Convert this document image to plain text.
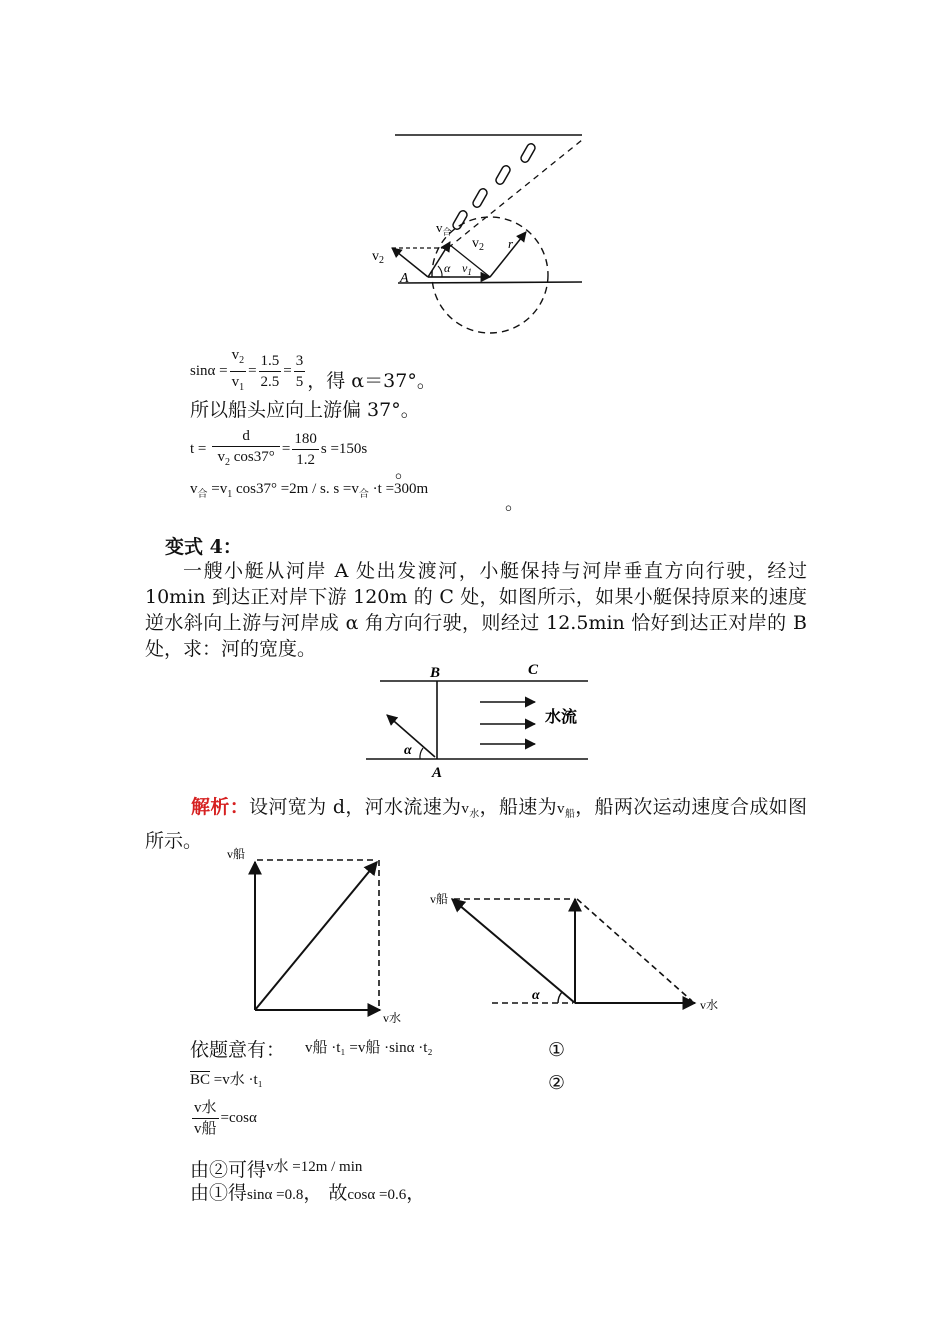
$v_2$
$v_合$
$v_2$ r
α $v_1$
A
$\sin\alpha = \frac{v_2}{v_1} = \frac{1.5}{2.5} = \frac{3}{5}$ ，得 α＝37°。
所以船头应向上游偏 37°。
$t = \frac{d}{v_2 \cos 37^\circ} = \frac{180}{1.2}$ s =150s
。
$v_合 =v_1$ cos37° =2m / s. $s =v_合 \cdot t =300m$
。
变式 4：
一艘小艇从河岸 A 处出发渡河，小艇保持与河岸垂直方向行驶，经过 10min 到达正对岸下游 120m 的 C 处，如图所示，如果小艇保持原来的速度逆水斜向上游与河岸成 α 角方向行驶，则经过 12.5min 恰好到达正对岸的 B 处，求：河的宽度。
B	C
A
α
水流
解析：设河宽为 d，河水流速为$v_水$，船速为$v_船$，船两次运动速度合成如图所示。
v船
v水
v船
v水
α
依题意有： v船 ·t₁ =v船 ·sinα ·t₂	①
$\overline{BC} =v$水 ·t₁	②
$\frac{\text{v水}}{\text{v船}} =\cos\alpha$
由②可得$^{v水 =12m / min}$
由①得sinα =0.8， 故cosα =0.6，
